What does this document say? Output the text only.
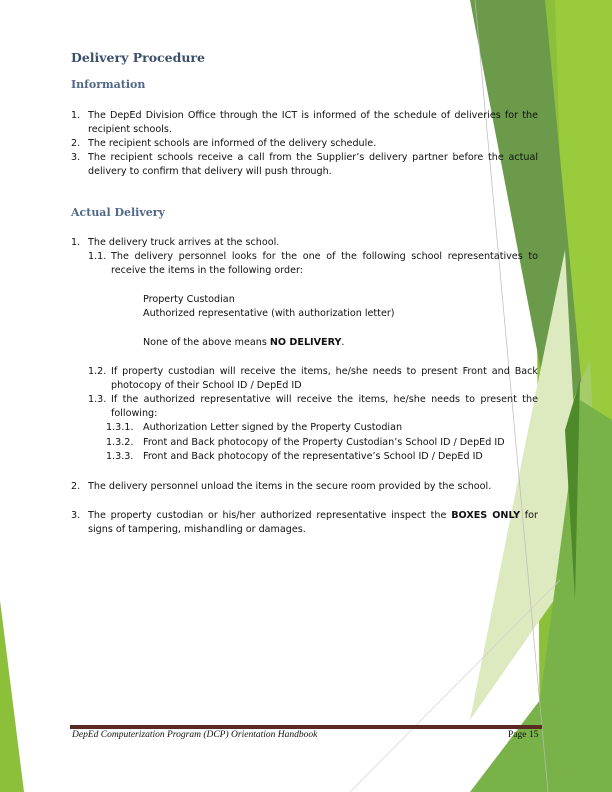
Delivery Procedure
Information
1. The DepEd Division Office through the ICT is informed of the schedule of deliveries for the recipient schools.
2. The recipient schools are informed of the delivery schedule.
3. The recipient schools receive a call from the Supplier’s delivery partner before the actual delivery to confirm that delivery will push through.
Actual Delivery
1. The delivery truck arrives at the school.
1.1. The delivery personnel looks for the one of the following school representatives to receive the items in the following order:
Property Custodian
Authorized representative (with authorization letter)
None of the above means NO DELIVERY.
1.2. If property custodian will receive the items, he/she needs to present Front and Back photocopy of their School ID / DepEd ID
1.3. If the authorized representative will receive the items, he/she needs to present the following:
1.3.1. Authorization Letter signed by the Property Custodian
1.3.2. Front and Back photocopy of the Property Custodian’s School ID / DepEd ID
1.3.3. Front and Back photocopy of the representative’s School ID / DepEd ID
2. The delivery personnel unload the items in the secure room provided by the school.
3. The property custodian or his/her authorized representative inspect the BOXES ONLY for signs of tampering, mishandling or damages.
DepEd Computerization Program (DCP) Orientation Handbook	Page 15
